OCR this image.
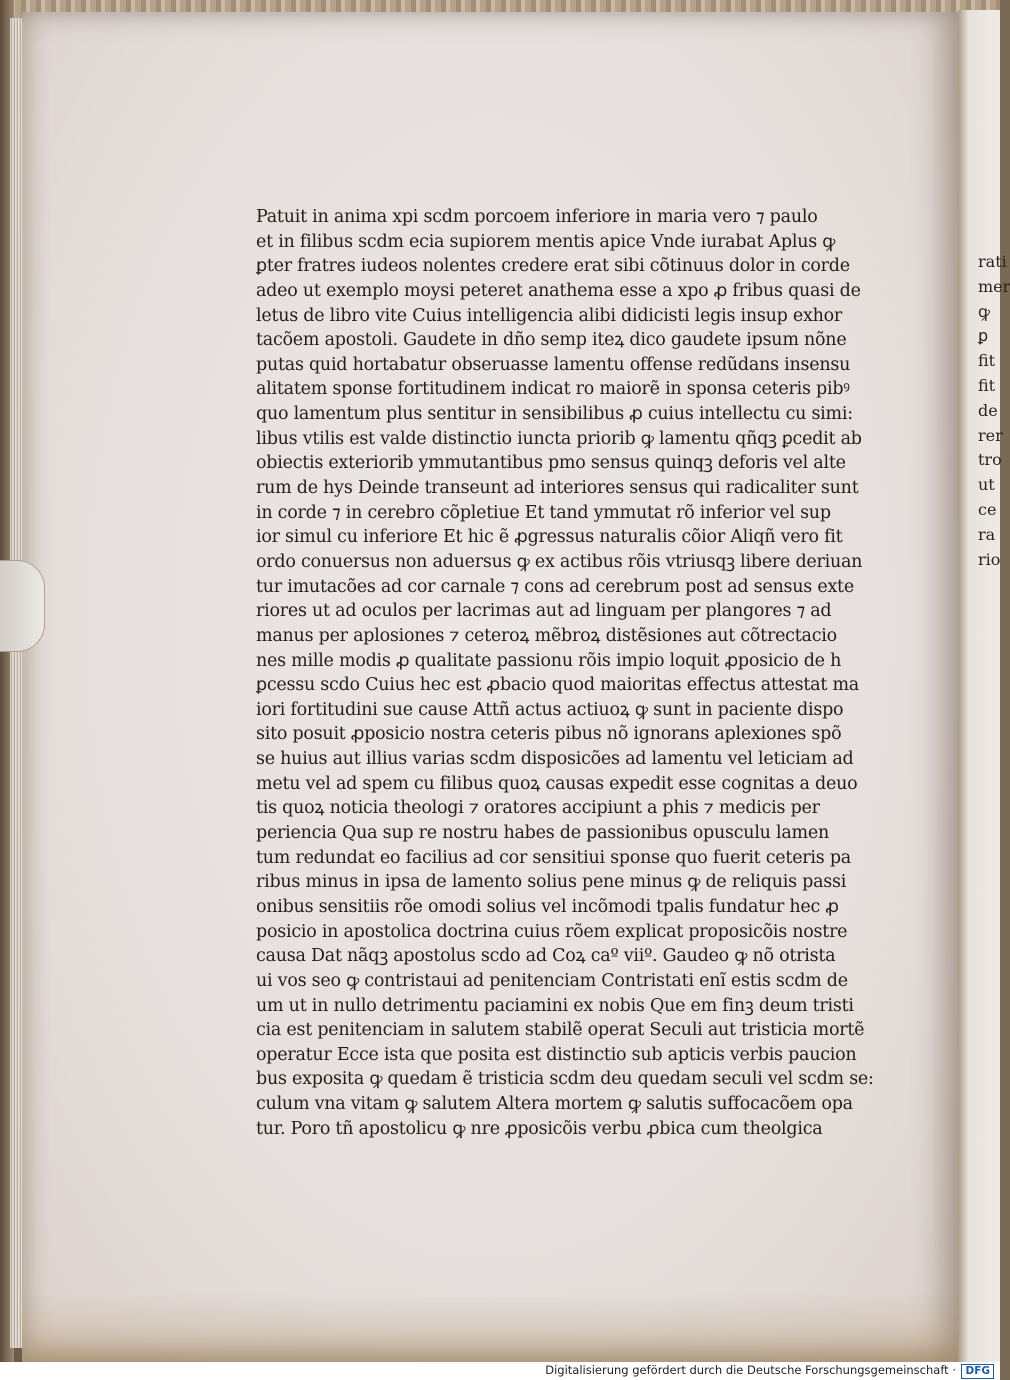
rati
mer
ꝙ
ꝑ
fit
fit
de
rer
tro
ut
ce
ra
rio
Patuit in anima xpi scdm porcoem inferiore in maria vero ⁊ paulo
et in filibus scdm ecia supiorem mentis apice Vnde iurabat Aplus ꝙ
ꝑter fratres iudeos nolentes credere erat sibi cõtinuus dolor in corde
adeo ut exemplo moysi peteret anathema esse a xpo ꝓ fribus quasi de
letus de libro vite Cuius intelligencia alibi didicisti legis insup exhor
tacõem apostoli. Gaudete in dño semp iteꝝ dico gaudete ipsum nõne
putas quid hortabatur obseruasse lamentu offense redũdans insensu
alitatem sponse fortitudinem indicat ro maiorẽ in sponsa ceteris pibꝰ
quo lamentum plus sentitur in sensibilibus ꝓ cuius intellectu cu simi:
libus vtilis est valde distinctio iuncta priorib ꝙ lamentu qñqꝫ ꝑcedit ab
obiectis exteriorib ymmutantibus pmo sensus quinqꝫ deforis vel alte
rum de hys Deinde transeunt ad interiores sensus qui radicaliter sunt
in corde ⁊ in cerebro cõpletiue Et tand ymmutat rõ inferior vel sup
ior simul cu inferiore Et hic ẽ ꝓgressus naturalis cõior Aliqñ vero fit
ordo conuersus non aduersus ꝙ ex actibus rõis vtriusqꝫ libere deriuan
tur imutacões ad cor carnale ⁊ cons ad cerebrum post ad sensus exte
riores ut ad oculos per lacrimas aut ad linguam per plangores ⁊ ad
manus per aplosiones ⁊ ceteroꝝ mẽbroꝝ distẽsiones aut cõtrectacio
nes mille modis ꝓ qualitate passionu rõis impio loquit ꝓposicio de h
ꝑcessu scdo Cuius hec est ꝓbacio quod maioritas effectus attestat ma
iori fortitudini sue cause Attñ actus actiuoꝝ ꝙ sunt in paciente dispo
sito posuit ꝓposicio nostra ceteris pibus nõ ignorans aplexiones spõ
se huius aut illius varias scdm disposicões ad lamentu vel leticiam ad
metu vel ad spem cu filibus quoꝝ causas expedit esse cognitas a deuo
tis quoꝝ noticia theologi ⁊ oratores accipiunt a phis ⁊ medicis per
periencia Qua sup re nostru habes de passionibus opusculu lamen
tum redundat eo facilius ad cor sensitiui sponse quo fuerit ceteris pa
ribus minus in ipsa de lamento solius pene minus ꝙ de reliquis passi
onibus sensitiis rõe omodi solius vel incõmodi tpalis fundatur hec ꝓ
posicio in apostolica doctrina cuius rõem explicat proposicõis nostre
causa Dat nãqꝫ apostolus scdo ad Coꝝ caº viiº. Gaudeo ꝙ nõ otrista
ui vos seo ꝙ contristaui ad penitenciam Contristati enĩ estis scdm de
um ut in nullo detrimentu paciamini ex nobis Que em finꝫ deum tristi
cia est penitenciam in salutem stabilẽ operat Seculi aut tristicia mortẽ
operatur Ecce ista que posita est distinctio sub apticis verbis paucion
bus exposita ꝙ quedam ẽ tristicia scdm deu quedam seculi vel scdm se:
culum vna vitam ꝙ salutem Altera mortem ꝙ salutis suffocacõem opa
tur. Poro tñ apostolicu ꝙ nre ꝓposicõis verbu ꝓbica cum theolgica
Digitalisierung gefördert durch die Deutsche Forschungsgemeinschaft · DFG
